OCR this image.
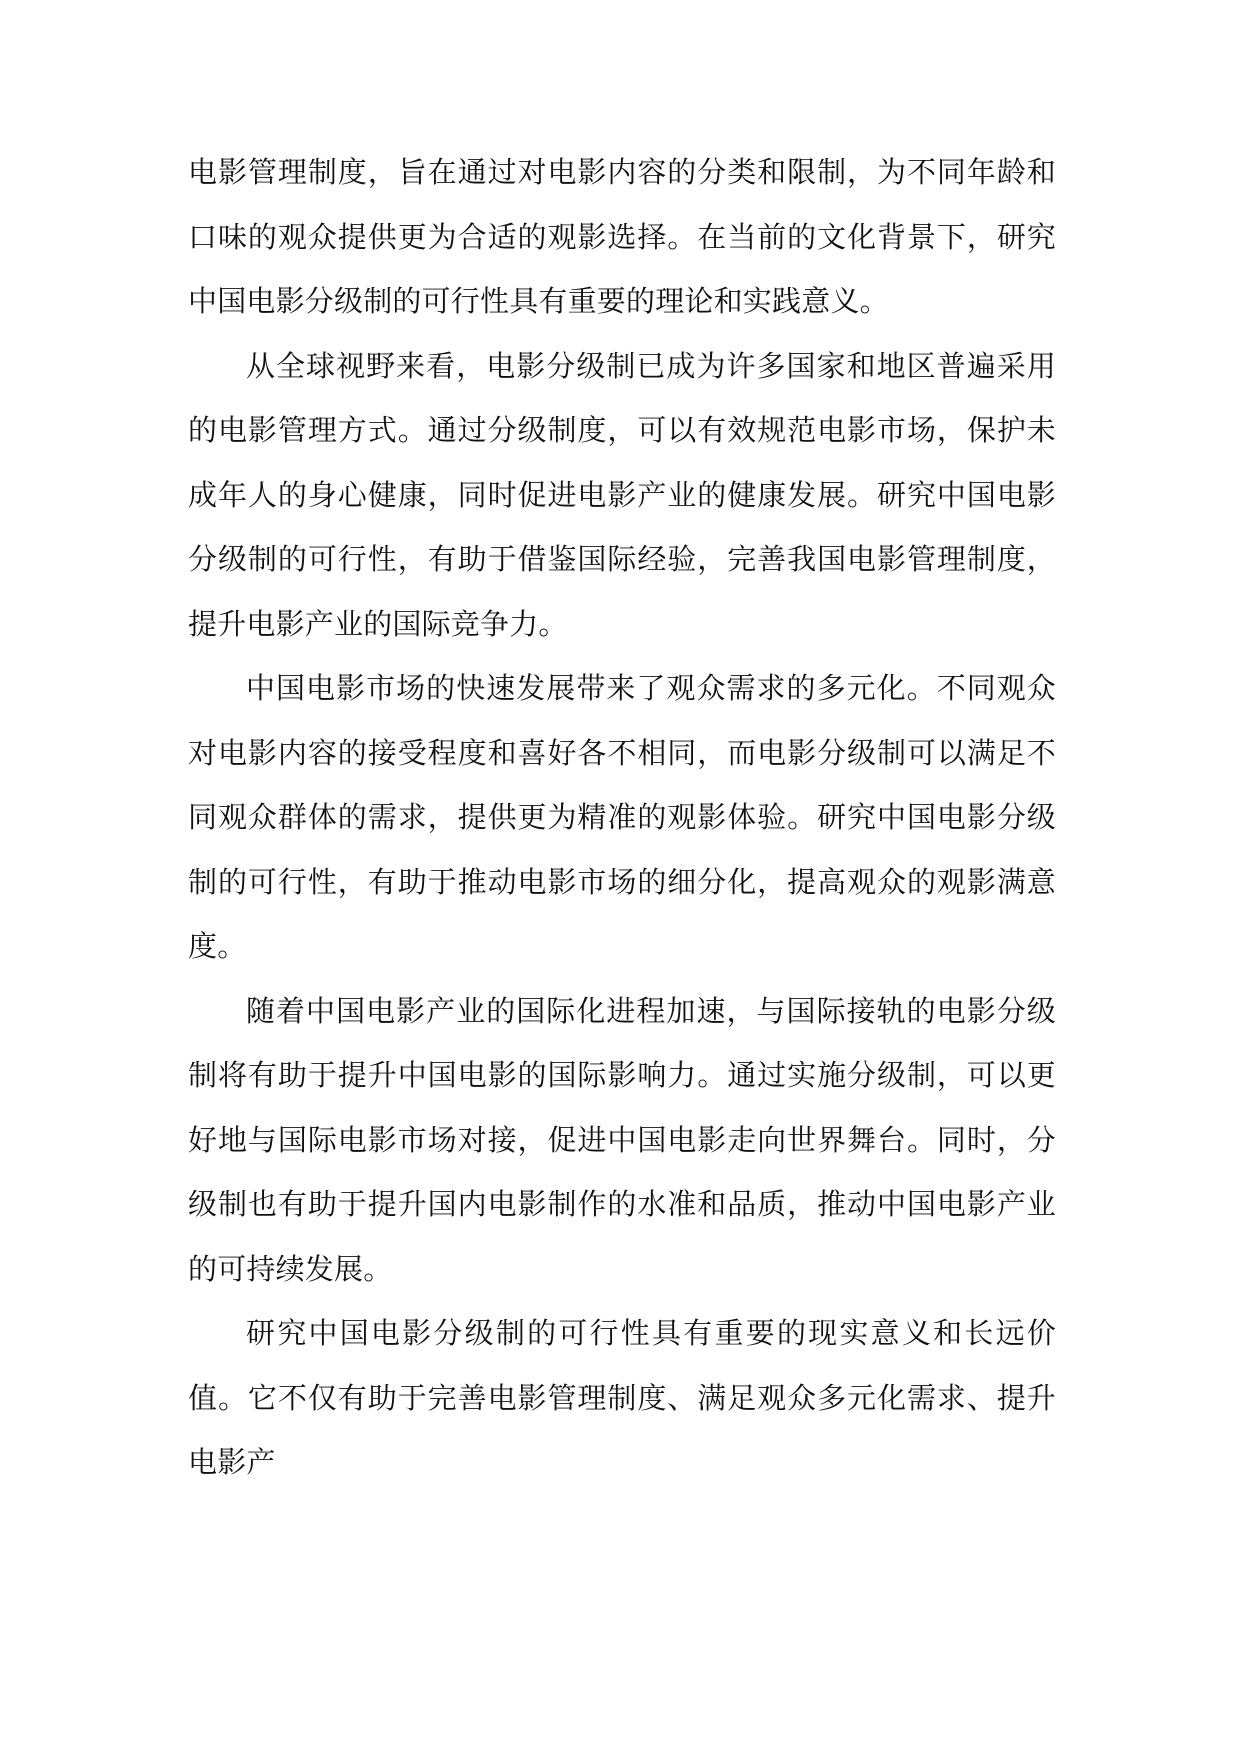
电影管理制度，旨在通过对电影内容的分类和限制，为不同年龄和口味的观众提供更为合适的观影选择。在当前的文化背景下，研究中国电影分级制的可行性具有重要的理论和实践意义。

从全球视野来看，电影分级制已成为许多国家和地区普遍采用的电影管理方式。通过分级制度，可以有效规范电影市场，保护未成年人的身心健康，同时促进电影产业的健康发展。研究中国电影分级制的可行性，有助于借鉴国际经验，完善我国电影管理制度，提升电影产业的国际竞争力。

中国电影市场的快速发展带来了观众需求的多元化。不同观众对电影内容的接受程度和喜好各不相同，而电影分级制可以满足不同观众群体的需求，提供更为精准的观影体验。研究中国电影分级制的可行性，有助于推动电影市场的细分化，提高观众的观影满意度。

随着中国电影产业的国际化进程加速，与国际接轨的电影分级制将有助于提升中国电影的国际影响力。通过实施分级制，可以更好地与国际电影市场对接，促进中国电影走向世界舞台。同时，分级制也有助于提升国内电影制作的水准和品质，推动中国电影产业的可持续发展。

研究中国电影分级制的可行性具有重要的现实意义和长远价值。它不仅有助于完善电影管理制度、满足观众多元化需求、提升电影产
